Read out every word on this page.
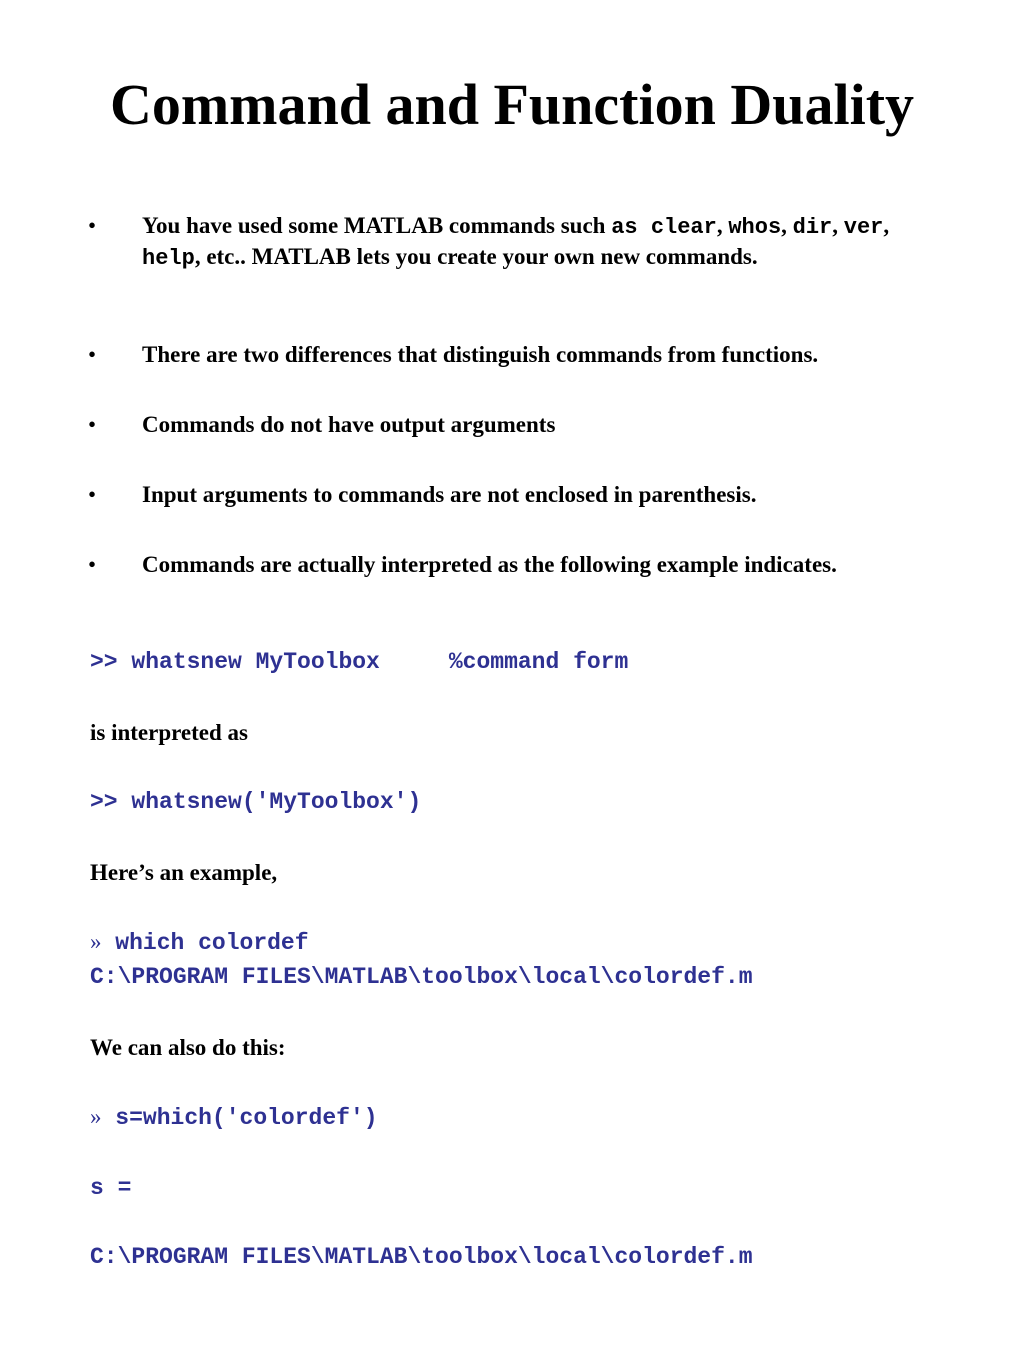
Command and Function Duality
• You have used some MATLAB commands such as clear, whos, dir, ver, help, etc.. MATLAB lets you create your own new commands.
• There are two differences that distinguish commands from functions.
• Commands do not have output arguments
• Input arguments to commands are not enclosed in parenthesis.
• Commands are actually interpreted as the following example indicates.
>> whatsnew MyToolbox     %command form
is interpreted as
>> whatsnew('MyToolbox')
Here’s an example,
» which colordef
C:\PROGRAM FILES\MATLAB\toolbox\local\colordef.m
We can also do this:
» s=which('colordef')
s =
C:\PROGRAM FILES\MATLAB\toolbox\local\colordef.m
